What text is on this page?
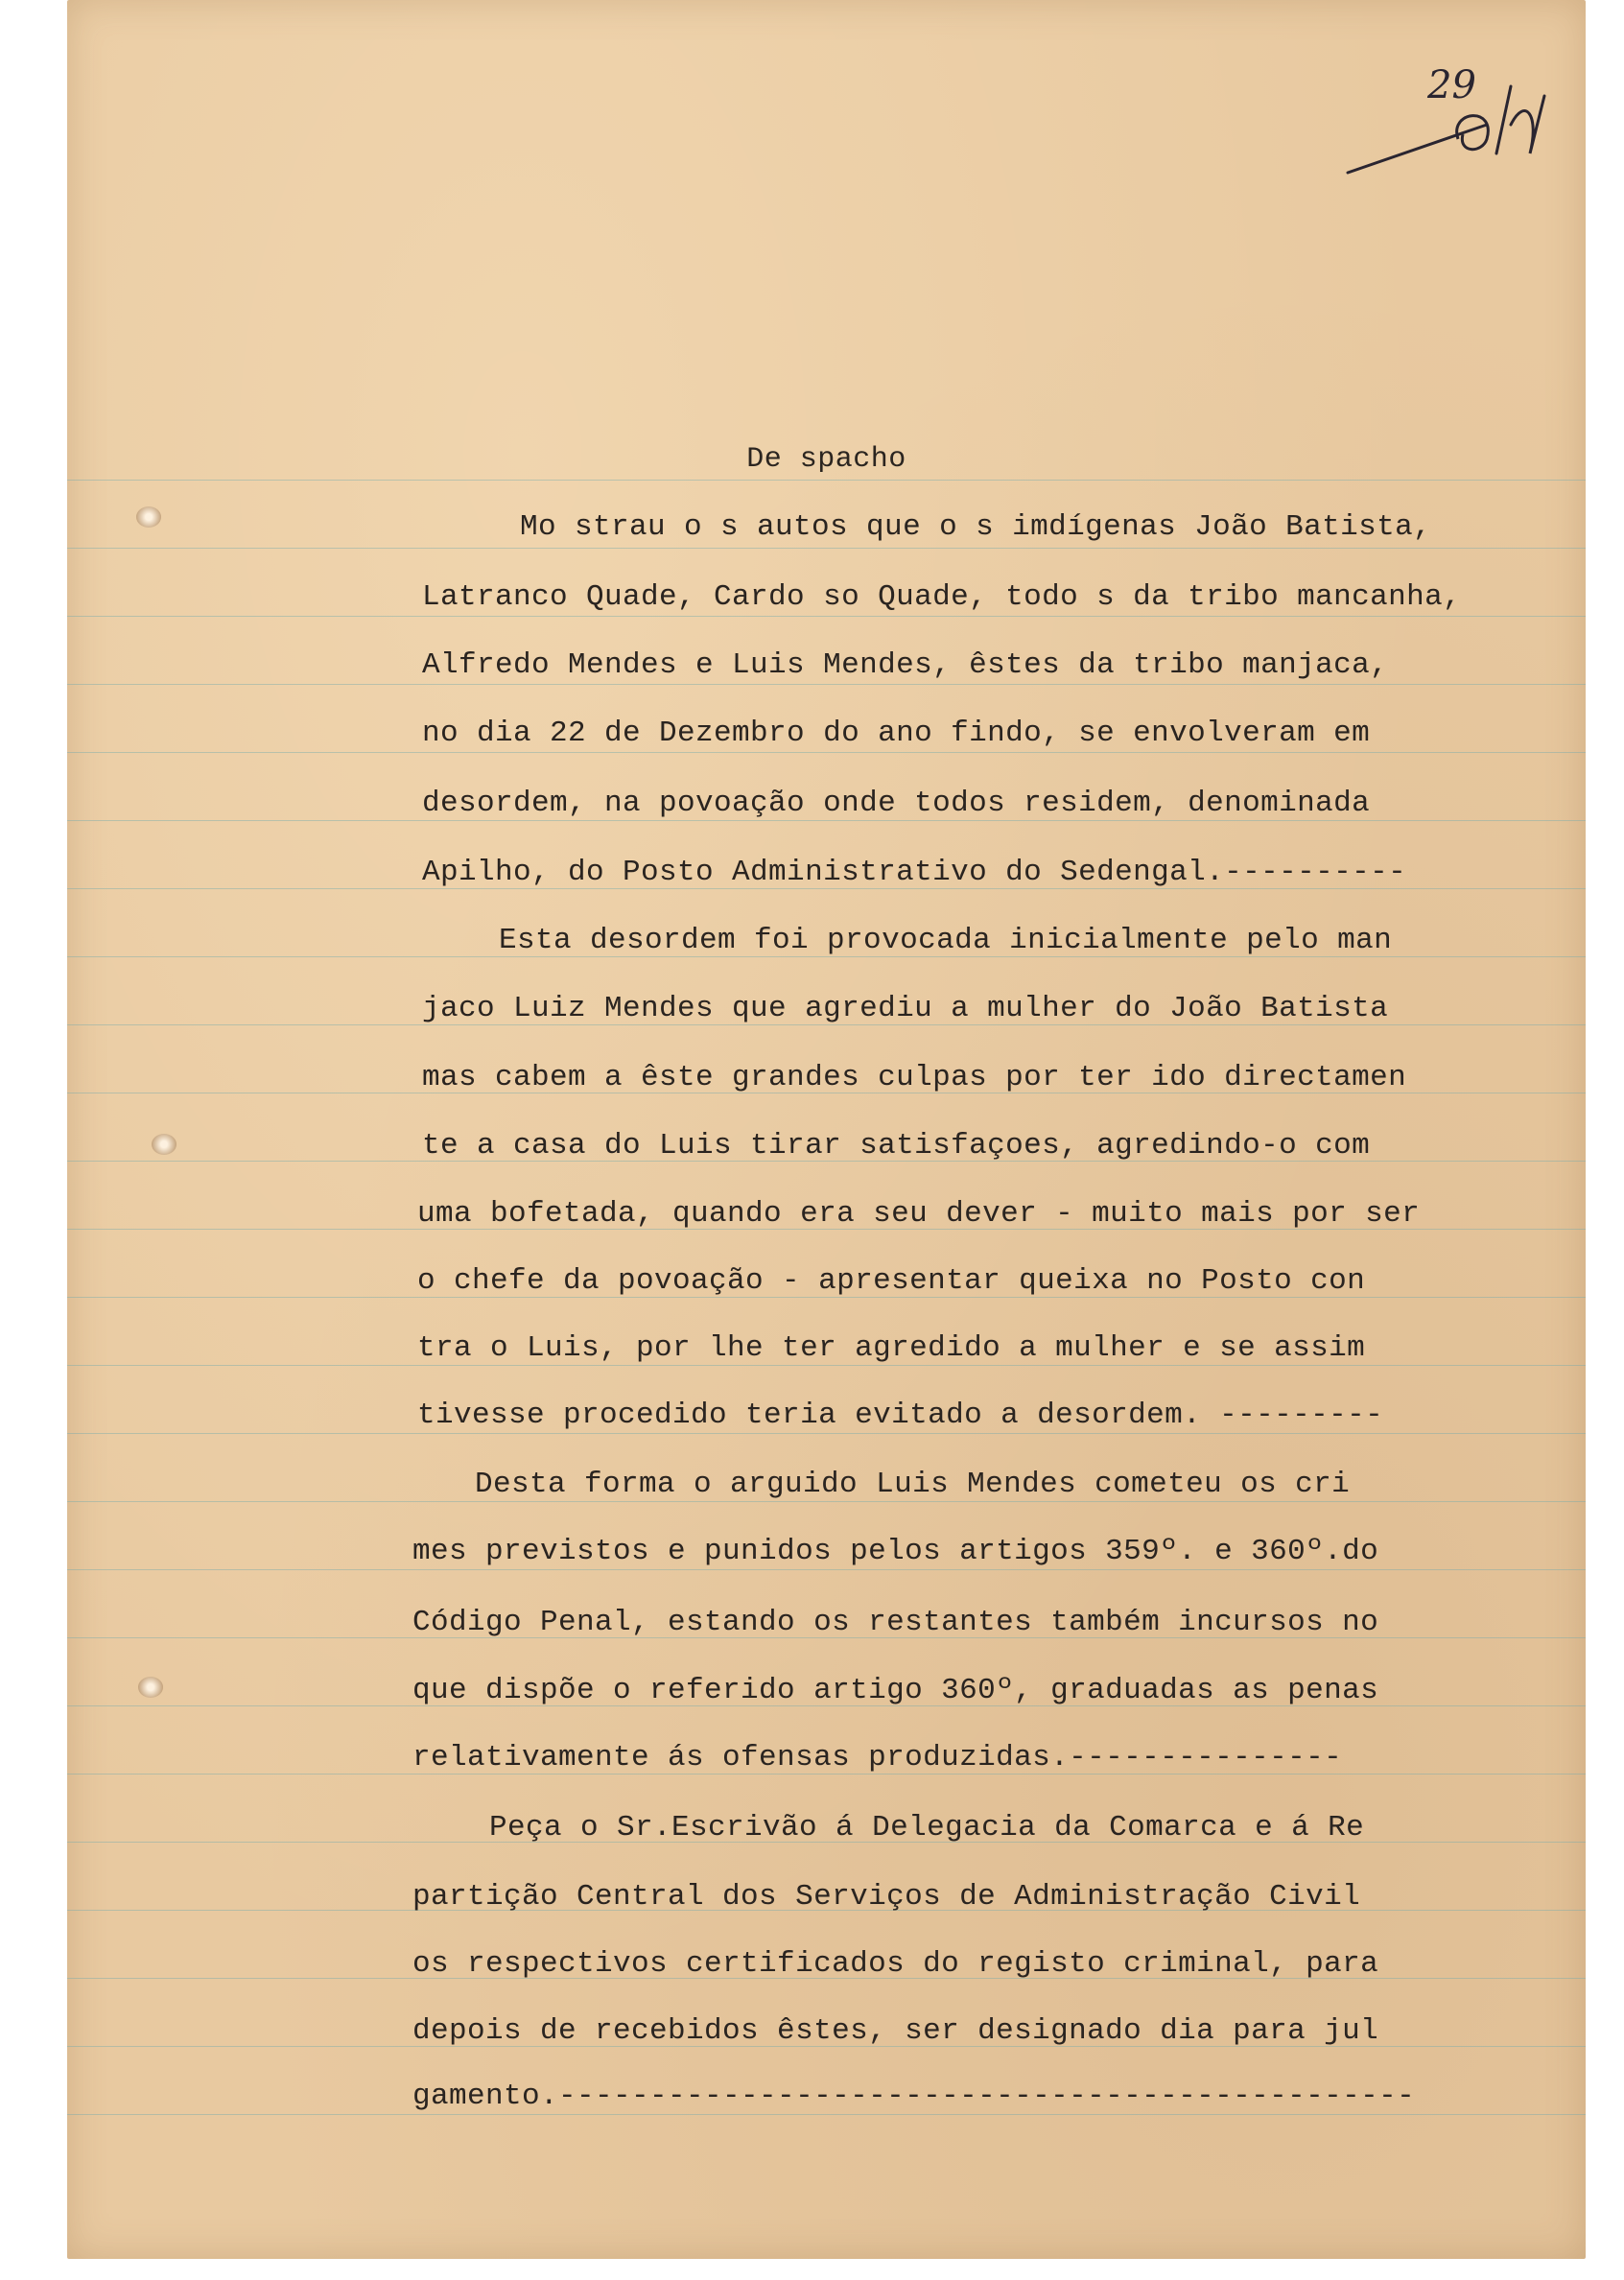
29
De spacho
Mo strau o s autos que o s imdígenas João Batista,
Latranco Quade, Cardo so Quade, todo s da tribo mancanha,
Alfredo Mendes e Luis Mendes, êstes da tribo manjaca,
no dia 22 de Dezembro do ano findo, se envolveram em
desordem, na povoação onde todos residem, denominada
Apilho, do Posto Administrativo do Sedengal.----------
Esta desordem foi provocada inicialmente pelo man
jaco Luiz Mendes que agrediu a mulher do João Batista
mas cabem a êste grandes culpas por ter ido directamen
te a casa do Luis tirar satisfaçoes, agredindo-o com
uma bofetada, quando era seu dever - muito mais por ser
o chefe da povoação - apresentar queixa no Posto con
tra o Luis, por lhe ter agredido a mulher e se assim
tivesse procedido teria evitado a desordem. ---------
Desta forma o arguido Luis Mendes cometeu os cri
mes previstos e punidos pelos artigos 359º. e 360º.do
Código Penal, estando os restantes também incursos no
que dispõe o referido artigo 360º, graduadas as penas
relativamente ás ofensas produzidas.---------------
Peça o Sr.Escrivão á Delegacia da Comarca e á Re
partição Central dos Serviços de Administração Civil
os respectivos certificados do registo criminal, para
depois de recebidos êstes, ser designado dia para jul
gamento.-----------------------------------------------
